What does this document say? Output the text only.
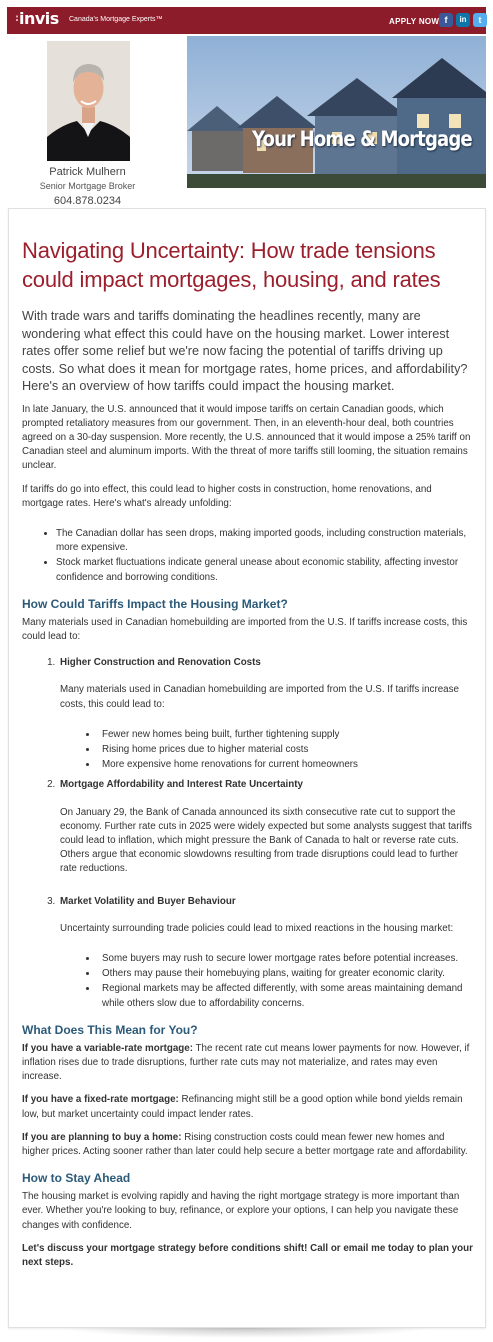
:invis Canada's Mortgage Experts™	APPLY NOW f	in	t
Patrick Mulhern
Senior Mortgage Broker
604.878.0234
Your Home & Mortgage
Navigating Uncertainty: How trade tensions could impact mortgages, housing, and rates

With trade wars and tariffs dominating the headlines recently, many are wondering what effect this could have on the housing market. Lower interest rates offer some relief but we're now facing the potential of tariffs driving up costs. So what does it mean for mortgage rates, home prices, and affordability? Here's an overview of how tariffs could impact the housing market.

In late January, the U.S. announced that it would impose tariffs on certain Canadian goods, which prompted retaliatory measures from our government. Then, in an eleventh-hour deal, both countries agreed on a 30-day suspension. More recently, the U.S. announced that it would impose a 25% tariff on Canadian steel and aluminum imports. With the threat of more tariffs still looming, the situation remains unclear.

If tariffs do go into effect, this could lead to higher costs in construction, home renovations, and mortgage rates. Here's what's already unfolding:

• The Canadian dollar has seen drops, making imported goods, including construction materials, more expensive.
• Stock market fluctuations indicate general unease about economic stability, affecting investor confidence and borrowing conditions.
How Could Tariffs Impact the Housing Market?

Many materials used in Canadian homebuilding are imported from the U.S. If tariffs increase costs, this could lead to:

1. Higher Construction and Renovation Costs
Many materials used in Canadian homebuilding are imported from the U.S. If tariffs increase costs, this could lead to:
• Fewer new homes being built, further tightening supply
• Rising home prices due to higher material costs
• More expensive home renovations for current homeowners
2. Mortgage Affordability and Interest Rate Uncertainty
On January 29, the Bank of Canada announced its sixth consecutive rate cut to support the economy. Further rate cuts in 2025 were widely expected but some analysts suggest that tariffs could lead to inflation, which might pressure the Bank of Canada to halt or reverse rate cuts. Others argue that economic slowdowns resulting from trade disruptions could lead to further rate reductions.
3. Market Volatility and Buyer Behaviour
Uncertainty surrounding trade policies could lead to mixed reactions in the housing market:
• Some buyers may rush to secure lower mortgage rates before potential increases.
• Others may pause their homebuying plans, waiting for greater economic clarity.
• Regional markets may be affected differently, with some areas maintaining demand while others slow due to affordability concerns.
What Does This Mean for You?

If you have a variable-rate mortgage: The recent rate cut means lower payments for now. However, if inflation rises due to trade disruptions, further rate cuts may not materialize, and rates may even increase.

If you have a fixed-rate mortgage: Refinancing might still be a good option while bond yields remain low, but market uncertainty could impact lender rates.

If you are planning to buy a home: Rising construction costs could mean fewer new homes and higher prices. Acting sooner rather than later could help secure a better mortgage rate and affordability.

How to Stay Ahead

The housing market is evolving rapidly and having the right mortgage strategy is more important than ever. Whether you're looking to buy, refinance, or explore your options, I can help you navigate these changes with confidence.

Let's discuss your mortgage strategy before conditions shift! Call or email me today to plan your next steps.
